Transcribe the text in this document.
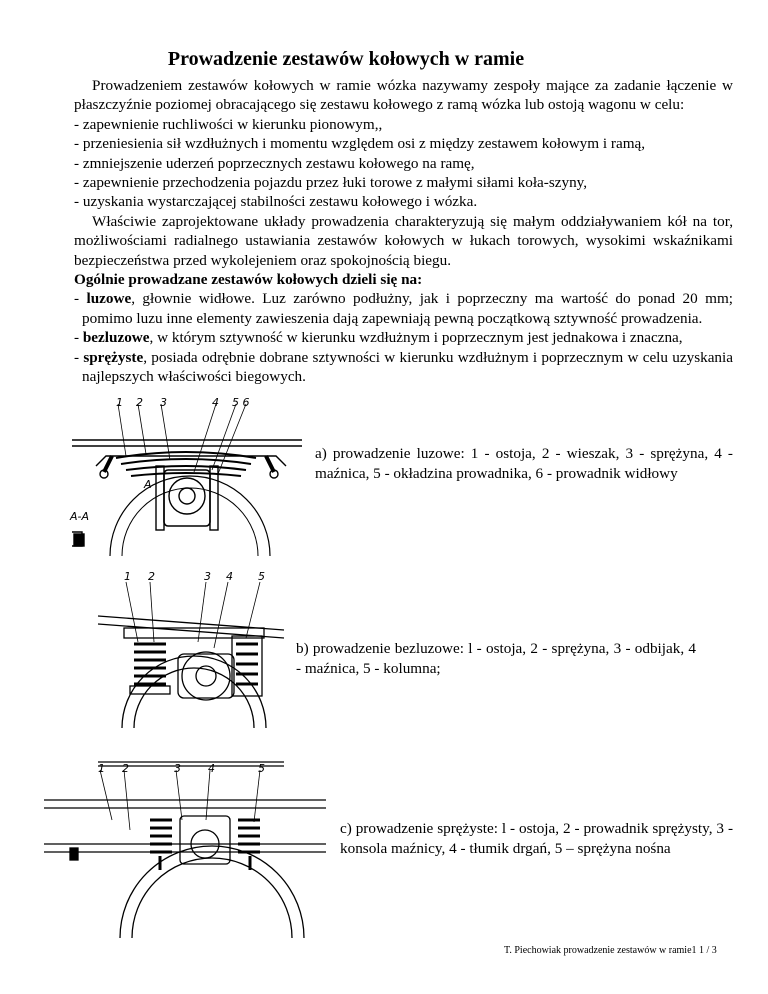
Prowadzenie zestawów kołowych w ramie

Prowadzeniem zestawów kołowych w ramie wózka nazywamy zespoły mające za zadanie łączenie w płaszczyźnie poziomej obracającego się zestawu kołowego z ramą wózka lub ostoją wagonu w celu:

- zapewnienie ruchliwości w kierunku pionowym,,

- przeniesienia sił wzdłużnych i momentu względem osi z między zestawem kołowym i ramą,

- zmniejszenie uderzeń poprzecznych zestawu kołowego na ramę,

- zapewnienie przechodzenia pojazdu przez łuki torowe z małymi siłami koła-szyny,

- uzyskania wystarczającej stabilności zestawu kołowego i wózka.

Właściwie zaprojektowane układy prowadzenia charakteryzują się małym oddziaływaniem kół na tor, możliwościami radialnego ustawiania zestawów kołowych w łukach torowych, wysokimi wskaźnikami bezpieczeństwa przed wykolejeniem oraz spokojnością biegu.

Ogólnie prowadzane zestawów kołowych dzieli się na:

- luzowe, głownie widłowe. Luz zarówno podłużny, jak i poprzeczny ma wartość do ponad 20 mm; pomimo luzu inne elementy zawieszenia dają zapewniają pewną początkową sztywność prowadzenia.

- bezluzowe, w którym sztywność w kierunku wzdłużnym i poprzecznym jest jednakowa i znaczna,

- sprężyste, posiada odrębnie dobrane sztywności w kierunku wzdłużnym i poprzecznym w celu uzyskania najlepszych właściwości biegowych.

1 2 3	4 5 6
A
A-A
a) prowadzenie luzowe: 1 - ostoja, 2 - wieszak, 3 - sprężyna, 4 - maźnica, 5 - okładzina prowadnika, 6 - prowadnik widłowy
1 2	3 4 5
b) prowadzenie bezluzowe: l - ostoja, 2 - sprężyna, 3 - odbijak, 4 - maźnica, 5 - kolumna;
1 2	3 4	5
c) prowadzenie sprężyste: l - ostoja, 2 - prowadnik sprężysty, 3 - konsola maźnicy, 4 - tłumik drgań, 5 – sprężyna nośna
T. Piechowiak prowadzenie zestawów w ramie1 1 / 3
